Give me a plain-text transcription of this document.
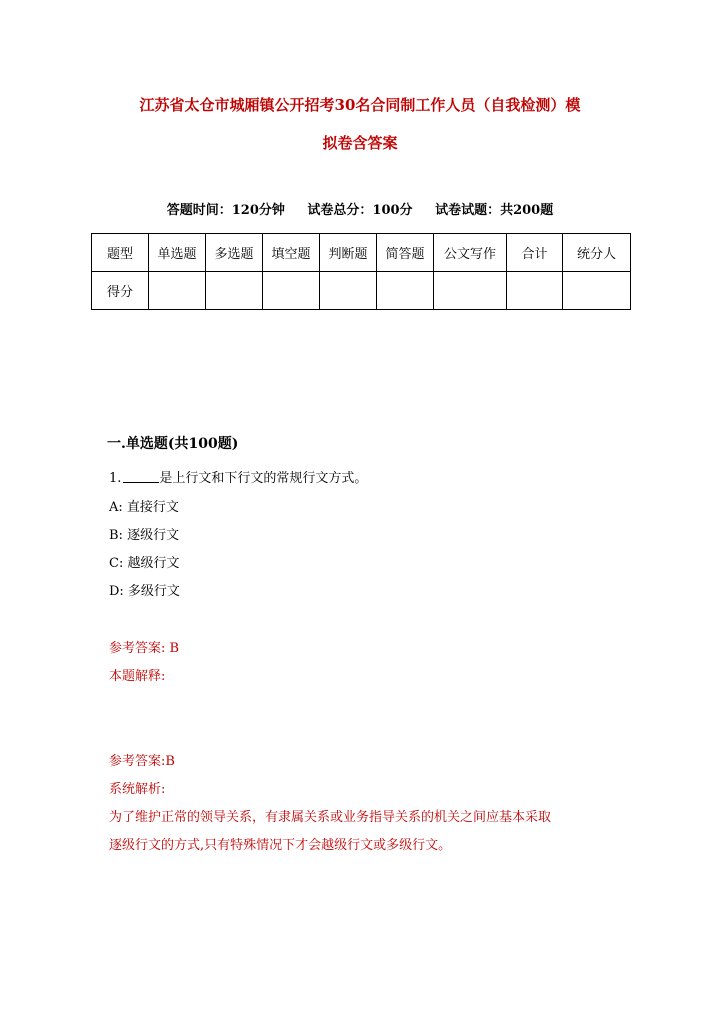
江苏省太仓市城厢镇公开招考30名合同制工作人员（自我检测）模
拟卷含答案
答题时间：120分钟 试卷总分：100分 试卷试题：共200题
题型	单选题	多选题	填空题	判断题	简答题	公文写作	合计	统分人
得分								
一.单选题(共100题)
1.	是上行文和下行文的常规行文方式。
A: 直接行文
B: 逐级行文
C: 越级行文
D: 多级行文
参考答案: B
本题解释:
参考答案:B
系统解析:
为了维护正常的领导关系，有隶属关系或业务指导关系的机关之间应基本采取
逐级行文的方式,只有特殊情况下才会越级行文或多级行文。
